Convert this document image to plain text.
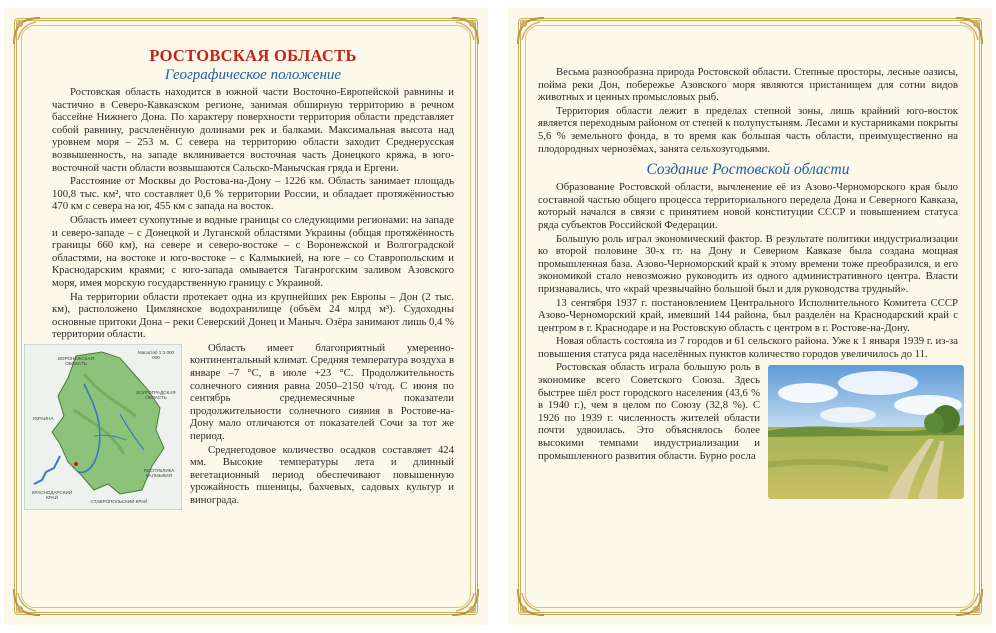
РОСТОВСКАЯ ОБЛАСТЬ
Географическое положение

Ростовская область находится в южной части Восточно-Европейской равнины и частично в Северо-Кавказском регионе, занимая обширную территорию в речном бассейне Нижнего Дона. По характеру поверхности территория области представляет собой равнину, расчленённую долинами рек и балками. Максимальная высота над уровнем моря – 253 м. С севера на территорию области заходит Среднерусская возвышенность, на западе вклинивается восточная часть Донецкого кряжа, в юго-восточной части области возвышаются Сальско-Манычская гряда и Ергени.

Расстояние от Москвы до Ростова-на-Дону – 1226 км. Область занимает площадь 100,8 тыс. км², что составляет 0,6 % территории России, и обладает протяжённостью 470 км с севера на юг, 455 км с запада на восток.

Область имеет сухопутные и водные границы со следующими регионами: на западе и северо-западе – с Донецкой и Луганской областями Украины (общая протяжённость границы 660 км), на севере и северо-востоке – с Воронежской и Волгоградской областями, на востоке и юго-востоке – с Калмыкией, на юге – со Ставропольским и Краснодарским краями; с юго-запада омывается Таганрогским заливом Азовского моря, имея морскую государственную границу с Украиной.

На территории области протекает одна из крупнейших рек Европы – Дон (2 тыс. км), расположено Цимлянское водохранилище (объём 24 млрд м³). Судоходны основные притоки Дона – реки Северский Донец и Маныч. Озёра занимают лишь 0,4 % территории области.

Масштаб 1:3 000 000
ВОРОНЕЖСКАЯ ОБЛАСТЬ
ВОЛГОГРАДСКАЯ ОБЛАСТЬ
УКРАИНА
РЕСПУБЛИКА КАЛМЫКИЯ
КРАСНОДАРСКИЙ КРАЙ
СТАВРОПОЛЬСКИЙ КРАЙ

Область имеет благоприятный умеренно-континентальный климат. Средняя температура воздуха в январе –7 °С, в июле +23 °С. Продолжительность солнечного сияния равна 2050–2150 ч/год. С июня по сентябрь среднемесячные показатели продолжительности солнечного сияния в Ростове-на-Дону мало отличаются от показателей Сочи за тот же период.

Среднегодовое количество осадков составляет 424 мм. Высокие температуры лета и длинный вегетационный период обеспечивают повышенную урожайность пшеницы, бахчевых, садовых культур и винограда.

Весьма разнообразна природа Ростовской области. Степные просторы, лесные оазисы, пойма реки Дон, побережье Азовского моря являются пристанищем для сотни видов животных и ценных промысловых рыб.

Территория области лежит в пределах степной зоны, лишь крайний юго-восток является переходным районом от степей к полупустыням. Лесами и кустарниками покрыты 5,6 % земельного фонда, в то время как бо́льшая часть области, преимущественно на плодородных чернозёмах, занята сельхозугодьями.

Создание Ростовской области

Образование Ростовской области, вычленение её из Азово-Черноморского края было составной частью общего процесса территориального передела Дона и Северного Кавказа, который начался в связи с принятием новой конституции СССР и повышением статуса ряда субъектов Российской Федерации.

Большую роль играл экономический фактор. В результате политики индустриализации ко второй половине 30-х гг. на Дону и Северном Кавказе была создана мощная промышленная база. Азово-Черноморский край к этому времени тоже преобразился, и его экономикой стало невозможно руководить из одного административного центра. Власти признавались, что «край чрезвычайно большой был и для руководства трудный».

13 сентября 1937 г. постановлением Центрального Исполнительного Комитета СССР Азово-Черноморский край, имевший 144 района, был разделён на Краснодарский край с центром в г. Краснодаре и на Ростовскую область с центром в г. Ростове-на-Дону.

Новая область состояла из 7 городов и 61 сельского района. Уже к 1 января 1939 г. из-за повышения статуса ряда населённых пунктов количество городов увеличилось до 11.

Ростовская область играла большую роль в экономике всего Советского Союза. Здесь быстрее шёл рост городского населения (43,6 % в 1940 г.), чем в целом по Союзу (32,8 %). С 1926 по 1939 г. численность жителей области почти удвоилась. Это объяснялось более высокими темпами индустриализации и промышленного развития области. Бурно росла
